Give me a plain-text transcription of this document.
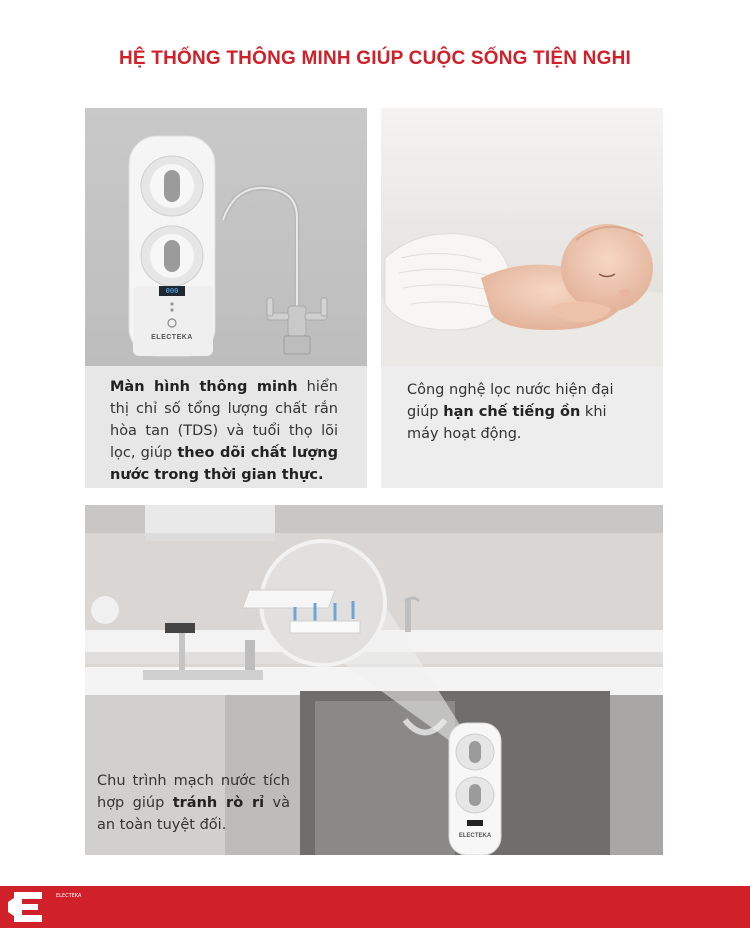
HỆ THỐNG THÔNG MINH GIÚP CUỘC SỐNG TIỆN NGHI
000
ELECTEKA
Màn hình thông minh hiển thị chỉ số tổng lượng chất rắn hòa tan (TDS) và tuổi thọ lõi lọc, giúp theo dõi chất lượng nước trong thời gian thực.
Công nghệ lọc nước hiện đại giúp hạn chế tiếng ồn khi máy hoạt động.
ELECTEKA
Chu trình mạch nước tích hợp giúp tránh rò rỉ và an toàn tuyệt đối.
ELECTEKA
